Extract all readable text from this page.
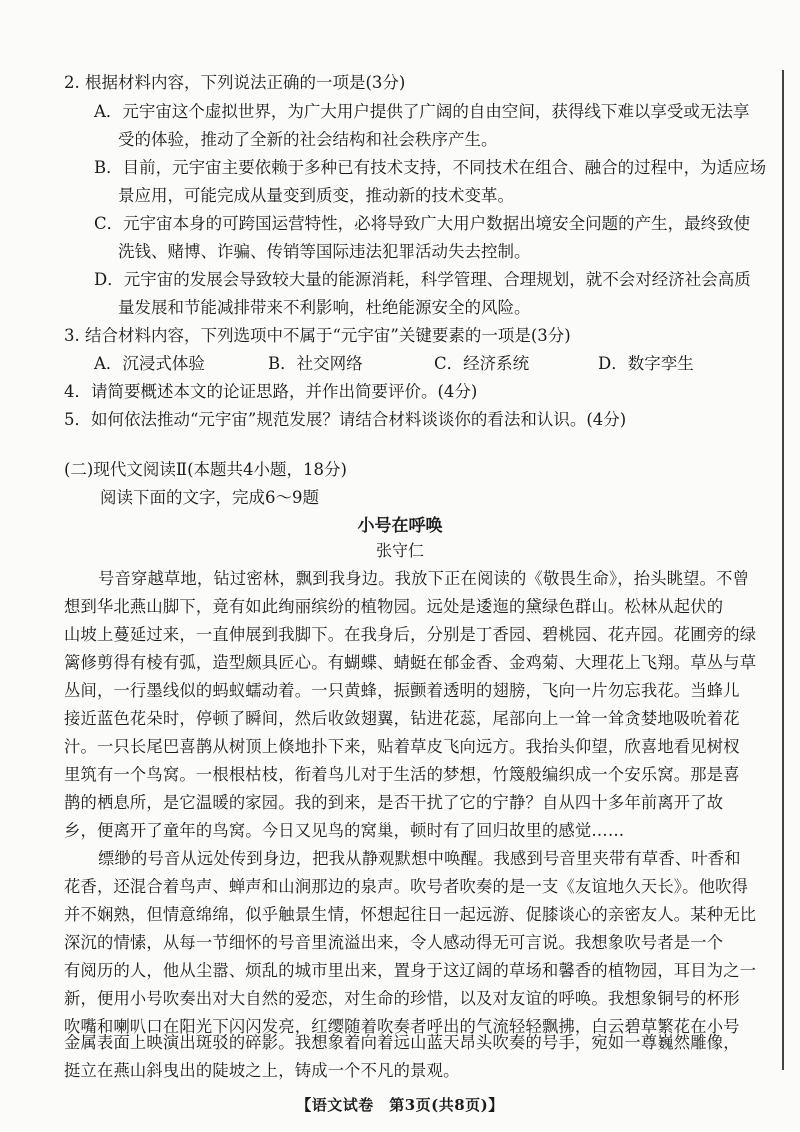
2. 根据材料内容，下列说法正确的一项是(3分)
A．元宇宙这个虚拟世界，为广大用户提供了广阔的自由空间，获得线下难以享受或无法享
受的体验，推动了全新的社会结构和社会秩序产生。
B．目前，元宇宙主要依赖于多种已有技术支持，不同技术在组合、融合的过程中，为适应场
景应用，可能完成从量变到质变，推动新的技术变革。
C．元宇宙本身的可跨国运营特性，必将导致广大用户数据出境安全问题的产生，最终致使
洗钱、赌博、诈骗、传销等国际违法犯罪活动失去控制。
D．元宇宙的发展会导致较大量的能源消耗，科学管理、合理规划，就不会对经济社会高质
量发展和节能减排带来不利影响，杜绝能源安全的风险。
3. 结合材料内容，下列选项中不属于“元宇宙”关键要素的一项是(3分)
A．沉浸式体验	B．社交网络	C．经济系统	D．数字孪生
4．请简要概述本文的论证思路，并作出简要评价。(4分)
5．如何依法推动“元宇宙”规范发展？请结合材料谈谈你的看法和认识。(4分)
(二)现代文阅读Ⅱ(本题共4小题，18分)
阅读下面的文字，完成6～9题
小号在呼唤
张守仁
号音穿越草地，钻过密林，飘到我身边。我放下正在阅读的《敬畏生命》，抬头眺望。不曾
想到华北燕山脚下，竟有如此绚丽缤纷的植物园。远处是逶迤的黛绿色群山。松林从起伏的
山坡上蔓延过来，一直伸展到我脚下。在我身后，分别是丁香园、碧桃园、花卉园。花圃旁的绿
篱修剪得有棱有弧，造型颇具匠心。有蝴蝶、蜻蜓在郁金香、金鸡菊、大理花上飞翔。草丛与草
丛间，一行墨线似的蚂蚁蠕动着。一只黄蜂，振颤着透明的翅膀，飞向一片勿忘我花。当蜂儿
接近蓝色花朵时，停顿了瞬间，然后收敛翅翼，钻进花蕊，尾部向上一耸一耸贪婪地吸吮着花
汁。一只长尾巴喜鹊从树顶上倏地扑下来，贴着草皮飞向远方。我抬头仰望，欣喜地看见树杈
里筑有一个鸟窝。一根根枯枝，衔着鸟儿对于生活的梦想，竹篾般编织成一个安乐窝。那是喜
鹊的栖息所，是它温暖的家园。我的到来，是否干扰了它的宁静？自从四十多年前离开了故
乡，便离开了童年的鸟窝。今日又见鸟的窝巢，顿时有了回归故里的感觉……
缥缈的号音从远处传到身边，把我从静观默想中唤醒。我感到号音里夹带有草香、叶香和
花香，还混合着鸟声、蝉声和山涧那边的泉声。吹号者吹奏的是一支《友谊地久天长》。他吹得
并不娴熟，但情意绵绵，似乎触景生情，怀想起往日一起远游、促膝谈心的亲密友人。某种无比
深沉的情愫，从每一节细怀的号音里流溢出来，令人感动得无可言说。我想象吹号者是一个
有阅历的人，他从尘嚣、烦乱的城市里出来，置身于这辽阔的草场和馨香的植物园，耳目为之一
新，便用小号吹奏出对大自然的爱恋，对生命的珍惜，以及对友谊的呼唤。我想象铜号的杯形
吹嘴和喇叭口在阳光下闪闪发亮，红缨随着吹奏者呼出的气流轻轻飘拂，白云碧草繁花在小号
金属表面上映演出斑驳的碎影。我想象着向着远山蓝天昂头吹奏的号手，宛如一尊巍然雕像，
挺立在燕山斜曳出的陡坡之上，铸成一个不凡的景观。
【语文试卷　第3页(共8页)】
